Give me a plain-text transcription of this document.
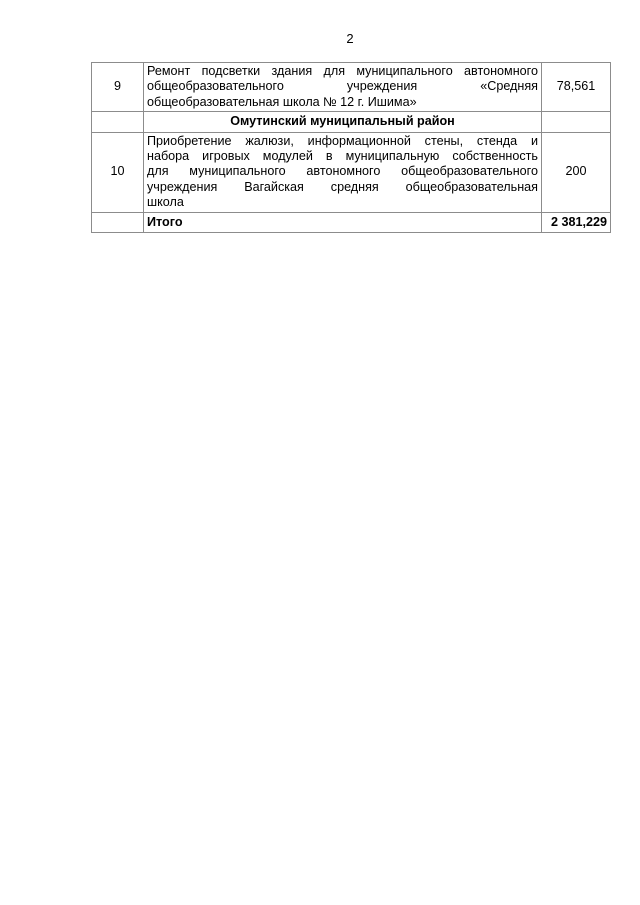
2
9	Ремонт подсветки здания для муниципального автономного
общеобразовательного учреждения «Средняя
общеобразовательная школа № 12 г. Ишима»	78,561
	Омутинский муниципальный район	
10	Приобретение жалюзи, информационной стены, стенда и
набора игровых модулей в муниципальную собственность
для муниципального автономного общеобразовательного
учреждения Вагайская средняя общеобразовательная
школа	200
	Итого	2 381,229
